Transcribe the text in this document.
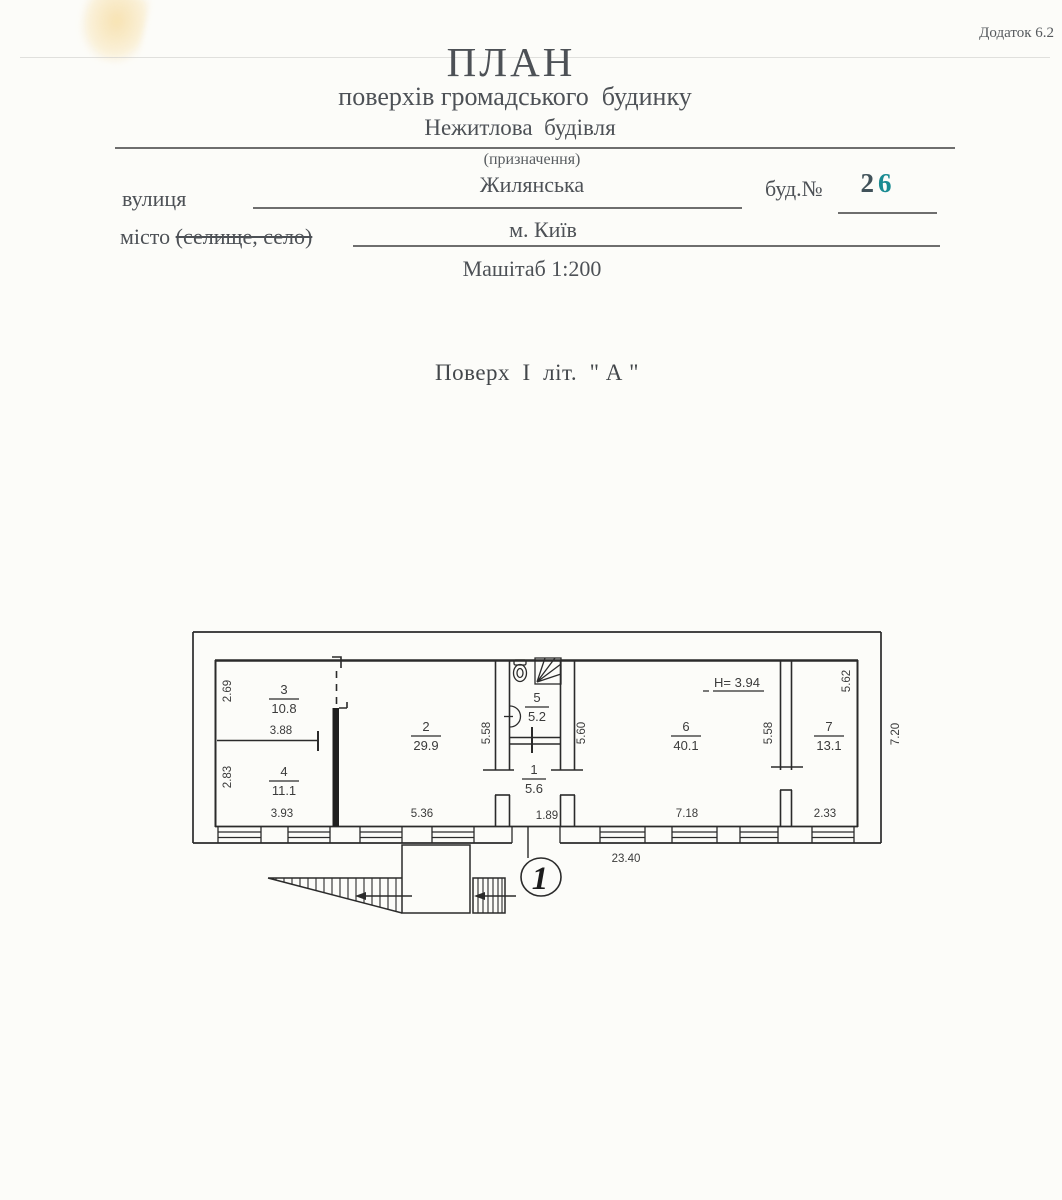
Додаток 6.2
ПЛАН
поверхів громадського  будинку
Нежитлова  будівля
(призначення)
вулиця
Жилянська	буд.№ 26
місто (селище, село)	м. Київ
Машітаб 1:200
Поверх  І  літ.  " А "
1
3
10.8
4
11.1
2
29.9
5
5.2
1
5.6
6
40.1
7
13.1
H= 3.94
2.69
3.88
2.83
3.93	5.36
5.58	5.60
1.89	7.18
5.58
2.33
5.62
7.20
23.40
